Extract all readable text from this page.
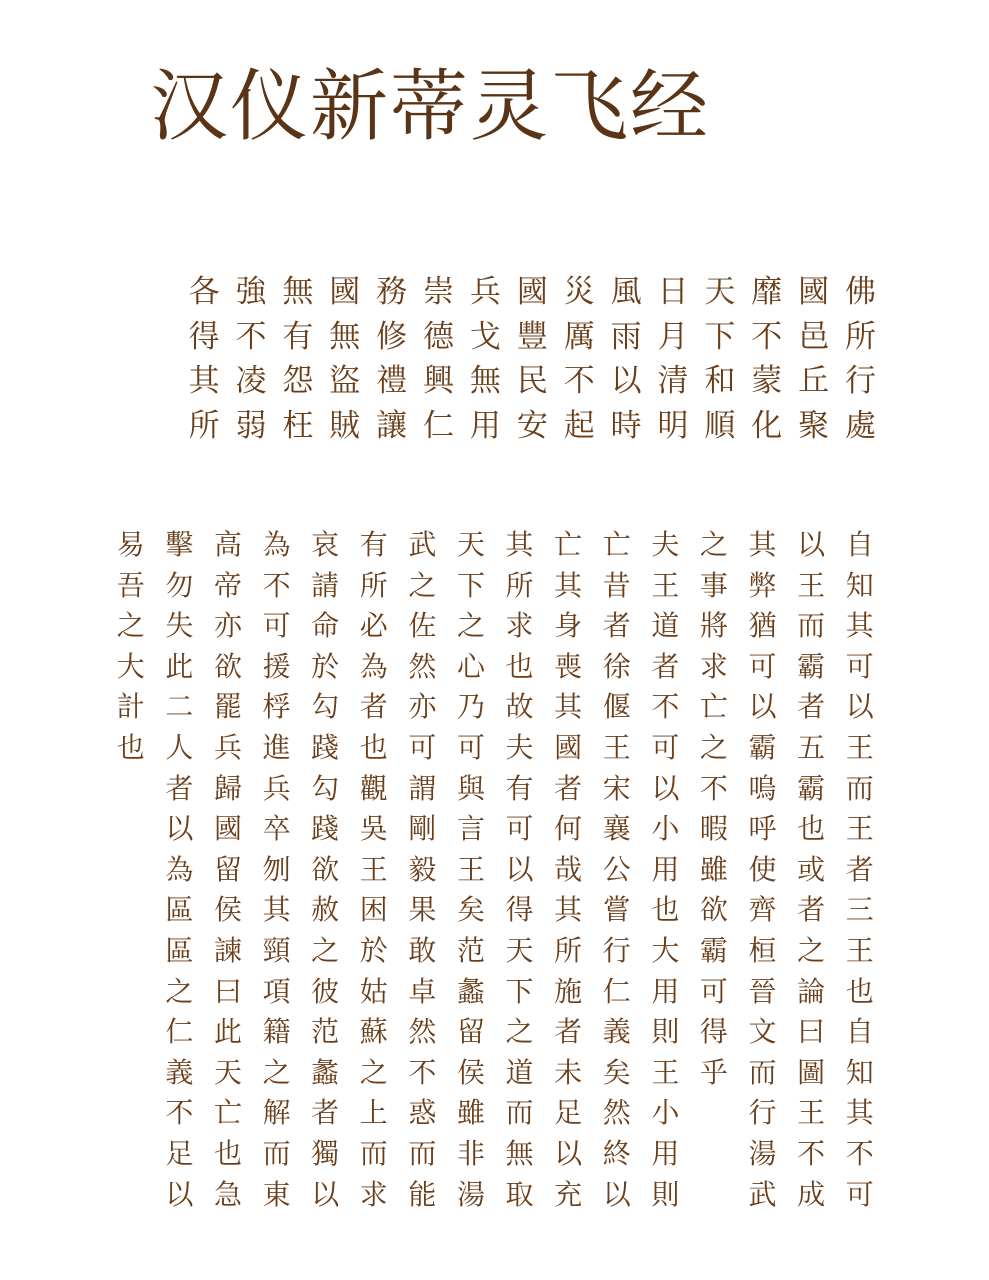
汉仪新蒂灵飞经
佛
所
行
處
國
邑
丘
聚
靡
不
蒙
化
天
下
和
順
日
月
清
明
風
雨
以
時
災
厲
不
起
國
豐
民
安
兵
戈
無
用
崇
德
興
仁
務
修
禮
讓
國
無
盜
賊
無
有
怨
枉
強
不
凌
弱
各
得
其
所
自
知
其
可
以
王
而
王
者
三
王
也
自
知
其
不
可
以
王
而
霸
者
五
霸
也
或
者
之
論
曰
圖
王
不
成
其
弊
猶
可
以
霸
嗚
呼
使
齊
桓
晉
文
而
行
湯
武
之
事
將
求
亡
之
不
暇
雖
欲
霸
可
得
乎
夫
王
道
者
不
可
以
小
用
也
大
用
則
王
小
用
則
亡
昔
者
徐
偃
王
宋
襄
公
嘗
行
仁
義
矣
然
終
以
亡
其
身
喪
其
國
者
何
哉
其
所
施
者
未
足
以
充
其
所
求
也
故
夫
有
可
以
得
天
下
之
道
而
無
取
天
下
之
心
乃
可
與
言
王
矣
范
蠡
留
侯
雖
非
湯
武
之
佐
然
亦
可
謂
剛
毅
果
敢
卓
然
不
惑
而
能
有
所
必
為
者
也
觀
吳
王
困
於
姑
蘇
之
上
而
求
哀
請
命
於
勾
踐
勾
踐
欲
赦
之
彼
范
蠡
者
獨
以
為
不
可
援
桴
進
兵
卒
刎
其
頸
項
籍
之
解
而
東
高
帝
亦
欲
罷
兵
歸
國
留
侯
諫
曰
此
天
亡
也
急
擊
勿
失
此
二
人
者
以
為
區
區
之
仁
義
不
足
以
易
吾
之
大
計
也
